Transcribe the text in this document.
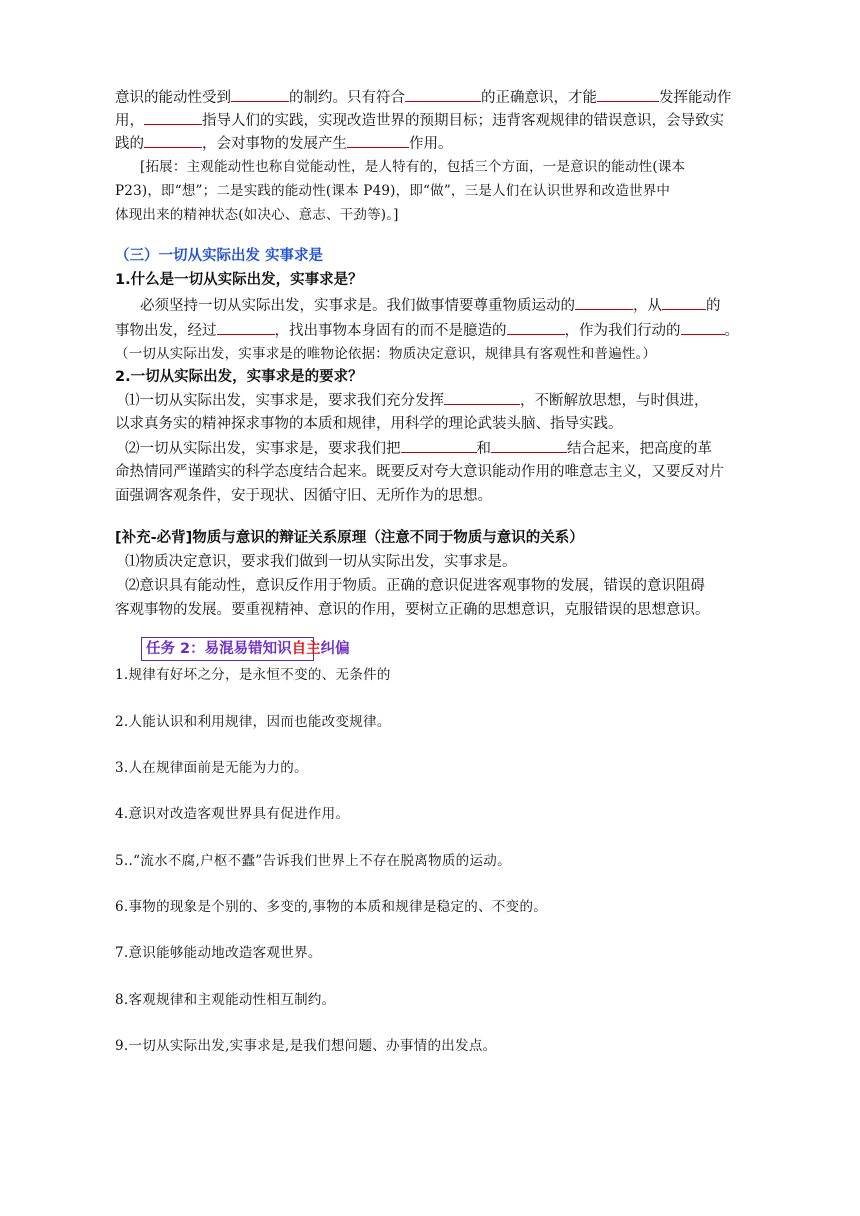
意识的能动性受到	的制约。只有符合	的正确意识，才能	发挥能动作
用，	指导人们的实践，实现改造世界的预期目标；违背客观规律的错误意识，会导致实
践的	，会对事物的发展产生	作用。
[拓展：主观能动性也称自觉能动性，是人特有的，包括三个方面，一是意识的能动性(课本
P23)，即“想”；二是实践的能动性(课本 P49)，即“做”，三是人们在认识世界和改造世界中
体现出来的精神状态(如决心、意志、干劲等)。]
（三）一切从实际出发 实事求是
1.什么是一切从实际出发，实事求是？
必须坚持一切从实际出发，实事求是。我们做事情要尊重物质运动的	，从	的
事物出发，经过	，找出事物本身固有的而不是臆造的	，作为我们行动的	。
（一切从实际出发，实事求是的唯物论依据：物质决定意识，规律具有客观性和普遍性。）
2.一切从实际出发，实事求是的要求？
⑴一切从实际出发，实事求是，要求我们充分发挥	，不断解放思想，与时俱进，
以求真务实的精神探求事物的本质和规律，用科学的理论武装头脑、指导实践。
⑵一切从实际出发，实事求是，要求我们把	和	结合起来，把高度的革
命热情同严谨踏实的科学态度结合起来。既要反对夸大意识能动作用的唯意志主义，又要反对片
面强调客观条件，安于现状、因循守旧、无所作为的思想。
[补充-必背]物质与意识的辩证关系原理（注意不同于物质与意识的关系）
⑴物质决定意识，要求我们做到一切从实际出发，实事求是。
⑵意识具有能动性，意识反作用于物质。正确的意识促进客观事物的发展，错误的意识阻碍
客观事物的发展。要重视精神、意识的作用，要树立正确的思想意识，克服错误的思想意识。
任务 2：易混易错知识自主纠偏
1.规律有好坏之分，是永恒不变的、无条件的
2.人能认识和利用规律，因而也能改变规律。
3.人在规律面前是无能为力的。
4.意识对改造客观世界具有促进作用。
5..“流水不腐,户枢不蠹”告诉我们世界上不存在脱离物质的运动。
6.事物的现象是个别的、多变的,事物的本质和规律是稳定的、不变的。
7.意识能够能动地改造客观世界。
8.客观规律和主观能动性相互制约。
9.一切从实际出发,实事求是,是我们想问题、办事情的出发点。
